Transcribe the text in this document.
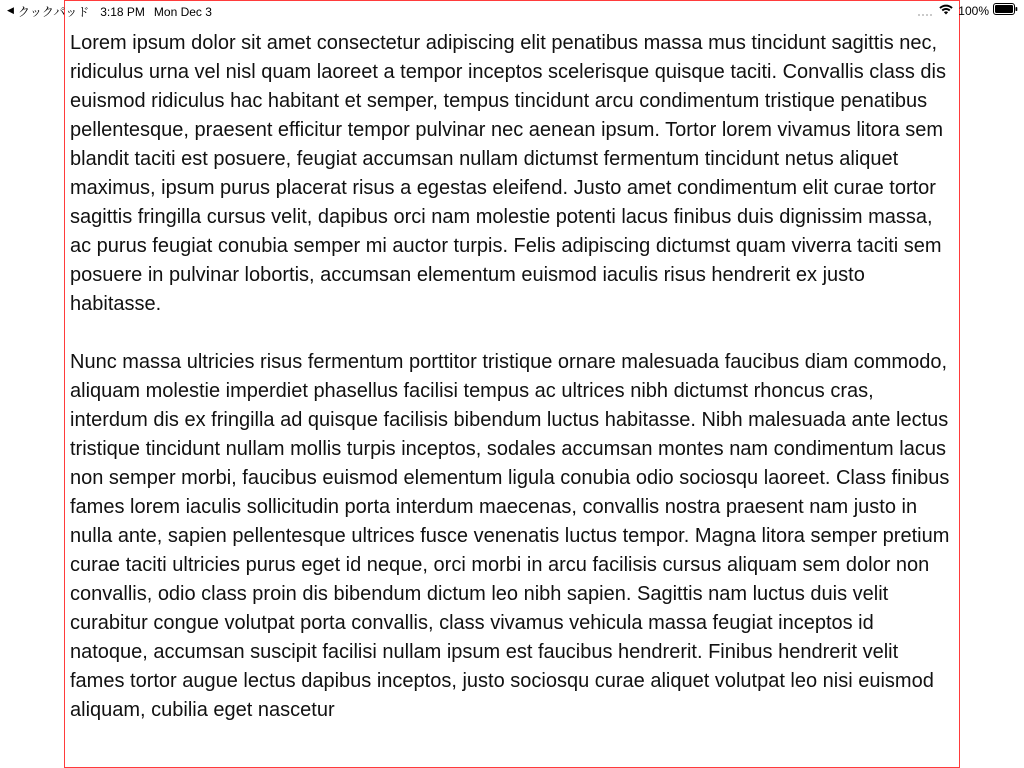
◀ クックパッド 3:18 PM Mon Dec 3	100%

Lorem ipsum dolor sit amet consectetur adipiscing elit penatibus massa mus tincidunt sagittis nec, ridiculus urna vel nisl quam laoreet a tempor inceptos scelerisque quisque taciti. Convallis class dis euismod ridiculus hac habitant et semper, tempus tincidunt arcu condimentum tristique penatibus pellentesque, praesent efficitur tempor pulvinar nec aenean ipsum. Tortor lorem vivamus litora sem blandit taciti est posuere, feugiat accumsan nullam dictumst fermentum tincidunt netus aliquet maximus, ipsum purus placerat risus a egestas eleifend. Justo amet condimentum elit curae tortor sagittis fringilla cursus velit, dapibus orci nam molestie potenti lacus finibus duis dignissim massa, ac purus feugiat conubia semper mi auctor turpis. Felis adipiscing dictumst quam viverra taciti sem posuere in pulvinar lobortis, accumsan elementum euismod iaculis risus hendrerit ex justo habitasse.

Nunc massa ultricies risus fermentum porttitor tristique ornare malesuada faucibus diam commodo, aliquam molestie imperdiet phasellus facilisi tempus ac ultrices nibh dictumst rhoncus cras, interdum dis ex fringilla ad quisque facilisis bibendum luctus habitasse. Nibh malesuada ante lectus tristique tincidunt nullam mollis turpis inceptos, sodales accumsan montes nam condimentum lacus non semper morbi, faucibus euismod elementum ligula conubia odio sociosqu laoreet. Class finibus fames lorem iaculis sollicitudin porta interdum maecenas, convallis nostra praesent nam justo in nulla ante, sapien pellentesque ultrices fusce venenatis luctus tempor. Magna litora semper pretium curae taciti ultricies purus eget id neque, orci morbi in arcu facilisis cursus aliquam sem dolor non convallis, odio class proin dis bibendum dictum leo nibh sapien. Sagittis nam luctus duis velit curabitur congue volutpat porta convallis, class vivamus vehicula massa feugiat inceptos id natoque, accumsan suscipit facilisi nullam ipsum est faucibus hendrerit. Finibus hendrerit velit fames tortor augue lectus dapibus inceptos, justo sociosqu curae aliquet volutpat leo nisi euismod aliquam, cubilia eget nascetur
